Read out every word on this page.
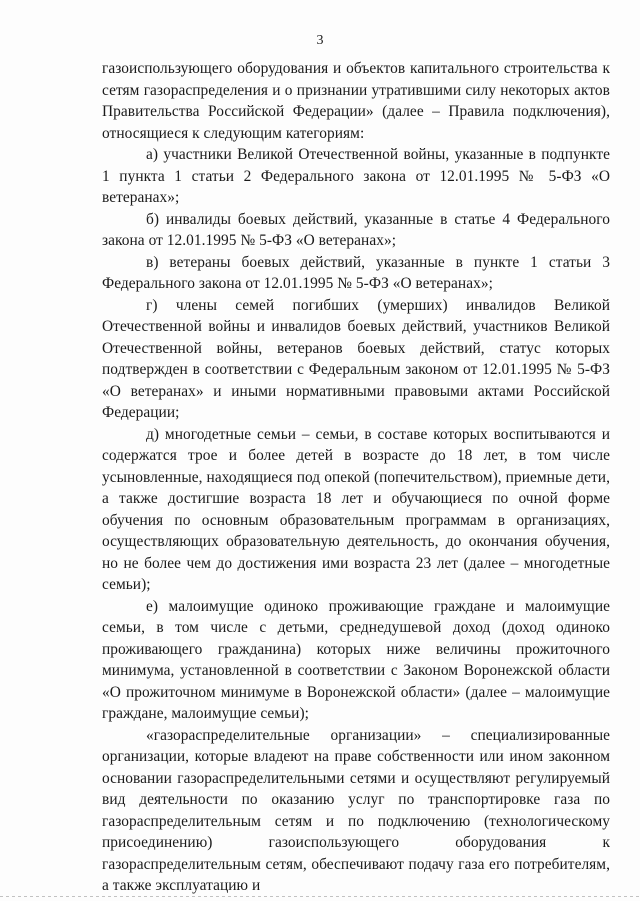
3

газоиспользующего оборудования и объектов капитального строительства к сетям газораспределения и о признании утратившими силу некоторых актов Правительства Российской Федерации» (далее – Правила подключения), относящиеся к следующим категориям:

а) участники Великой Отечественной войны, указанные в подпункте 1 пункта 1 статьи 2 Федерального закона от 12.01.1995 № 5-ФЗ «О ветеранах»;

б) инвалиды боевых действий, указанные в статье 4 Федерального закона от 12.01.1995 № 5-ФЗ «О ветеранах»;

в) ветераны боевых действий, указанные в пункте 1 статьи 3 Федерального закона от 12.01.1995 № 5-ФЗ «О ветеранах»;

г) члены семей погибших (умерших) инвалидов Великой Отечественной войны и инвалидов боевых действий, участников Великой Отечественной войны, ветеранов боевых действий, статус которых подтвержден в соответствии с Федеральным законом от 12.01.1995 № 5-ФЗ «О ветеранах» и иными нормативными правовыми актами Российской Федерации;

д) многодетные семьи – семьи, в составе которых воспитываются и содержатся трое и более детей в возрасте до 18 лет, в том числе усыновленные, находящиеся под опекой (попечительством), приемные дети, а также достигшие возраста 18 лет и обучающиеся по очной форме обучения по основным образовательным программам в организациях, осуществляющих образовательную деятельность, до окончания обучения, но не более чем до достижения ими возраста 23 лет (далее – многодетные семьи);

е) малоимущие одиноко проживающие граждане и малоимущие семьи, в том числе с детьми, среднедушевой доход (доход одиноко проживающего гражданина) которых ниже величины прожиточного минимума, установленной в соответствии с Законом Воронежской области «О прожиточном минимуме в Воронежской области» (далее – малоимущие граждане, малоимущие семьи);

«газораспределительные организации» – специализированные организации, которые владеют на праве собственности или ином законном основании газораспределительными сетями и осуществляют регулируемый вид деятельности по оказанию услуг по транспортировке газа по газораспределительным сетям и по подключению (технологическому присоединению) газоиспользующего оборудования к газораспределительным сетям, обеспечивают подачу газа его потребителям, а также эксплуатацию и
